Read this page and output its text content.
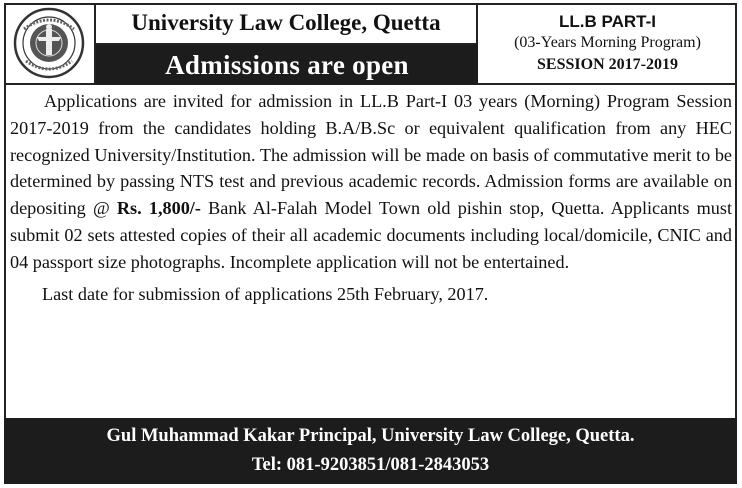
University Law College, Quetta
Admissions are open
LL.B PART-I
(03-Years Morning Program)
SESSION 2017-2019

Applications are invited for admission in LL.B Part-I 03 years (Morning) Program Session 2017-2019 from the candidates holding B.A/B.Sc or equivalent qualification from any HEC recognized University/Institution. The admission will be made on basis of commutative merit to be determined by passing NTS test and previous academic records. Admission forms are available on depositing @ Rs. 1,800/- Bank Al-Falah Model Town old pishin stop, Quetta. Applicants must submit 02 sets attested copies of their all academic documents including local/domicile, CNIC and 04 passport size photographs. Incomplete application will not be entertained.

Last date for submission of applications 25th February, 2017.

Gul Muhammad Kakar Principal, University Law College, Quetta.
Tel: 081-9203851/081-2843053
